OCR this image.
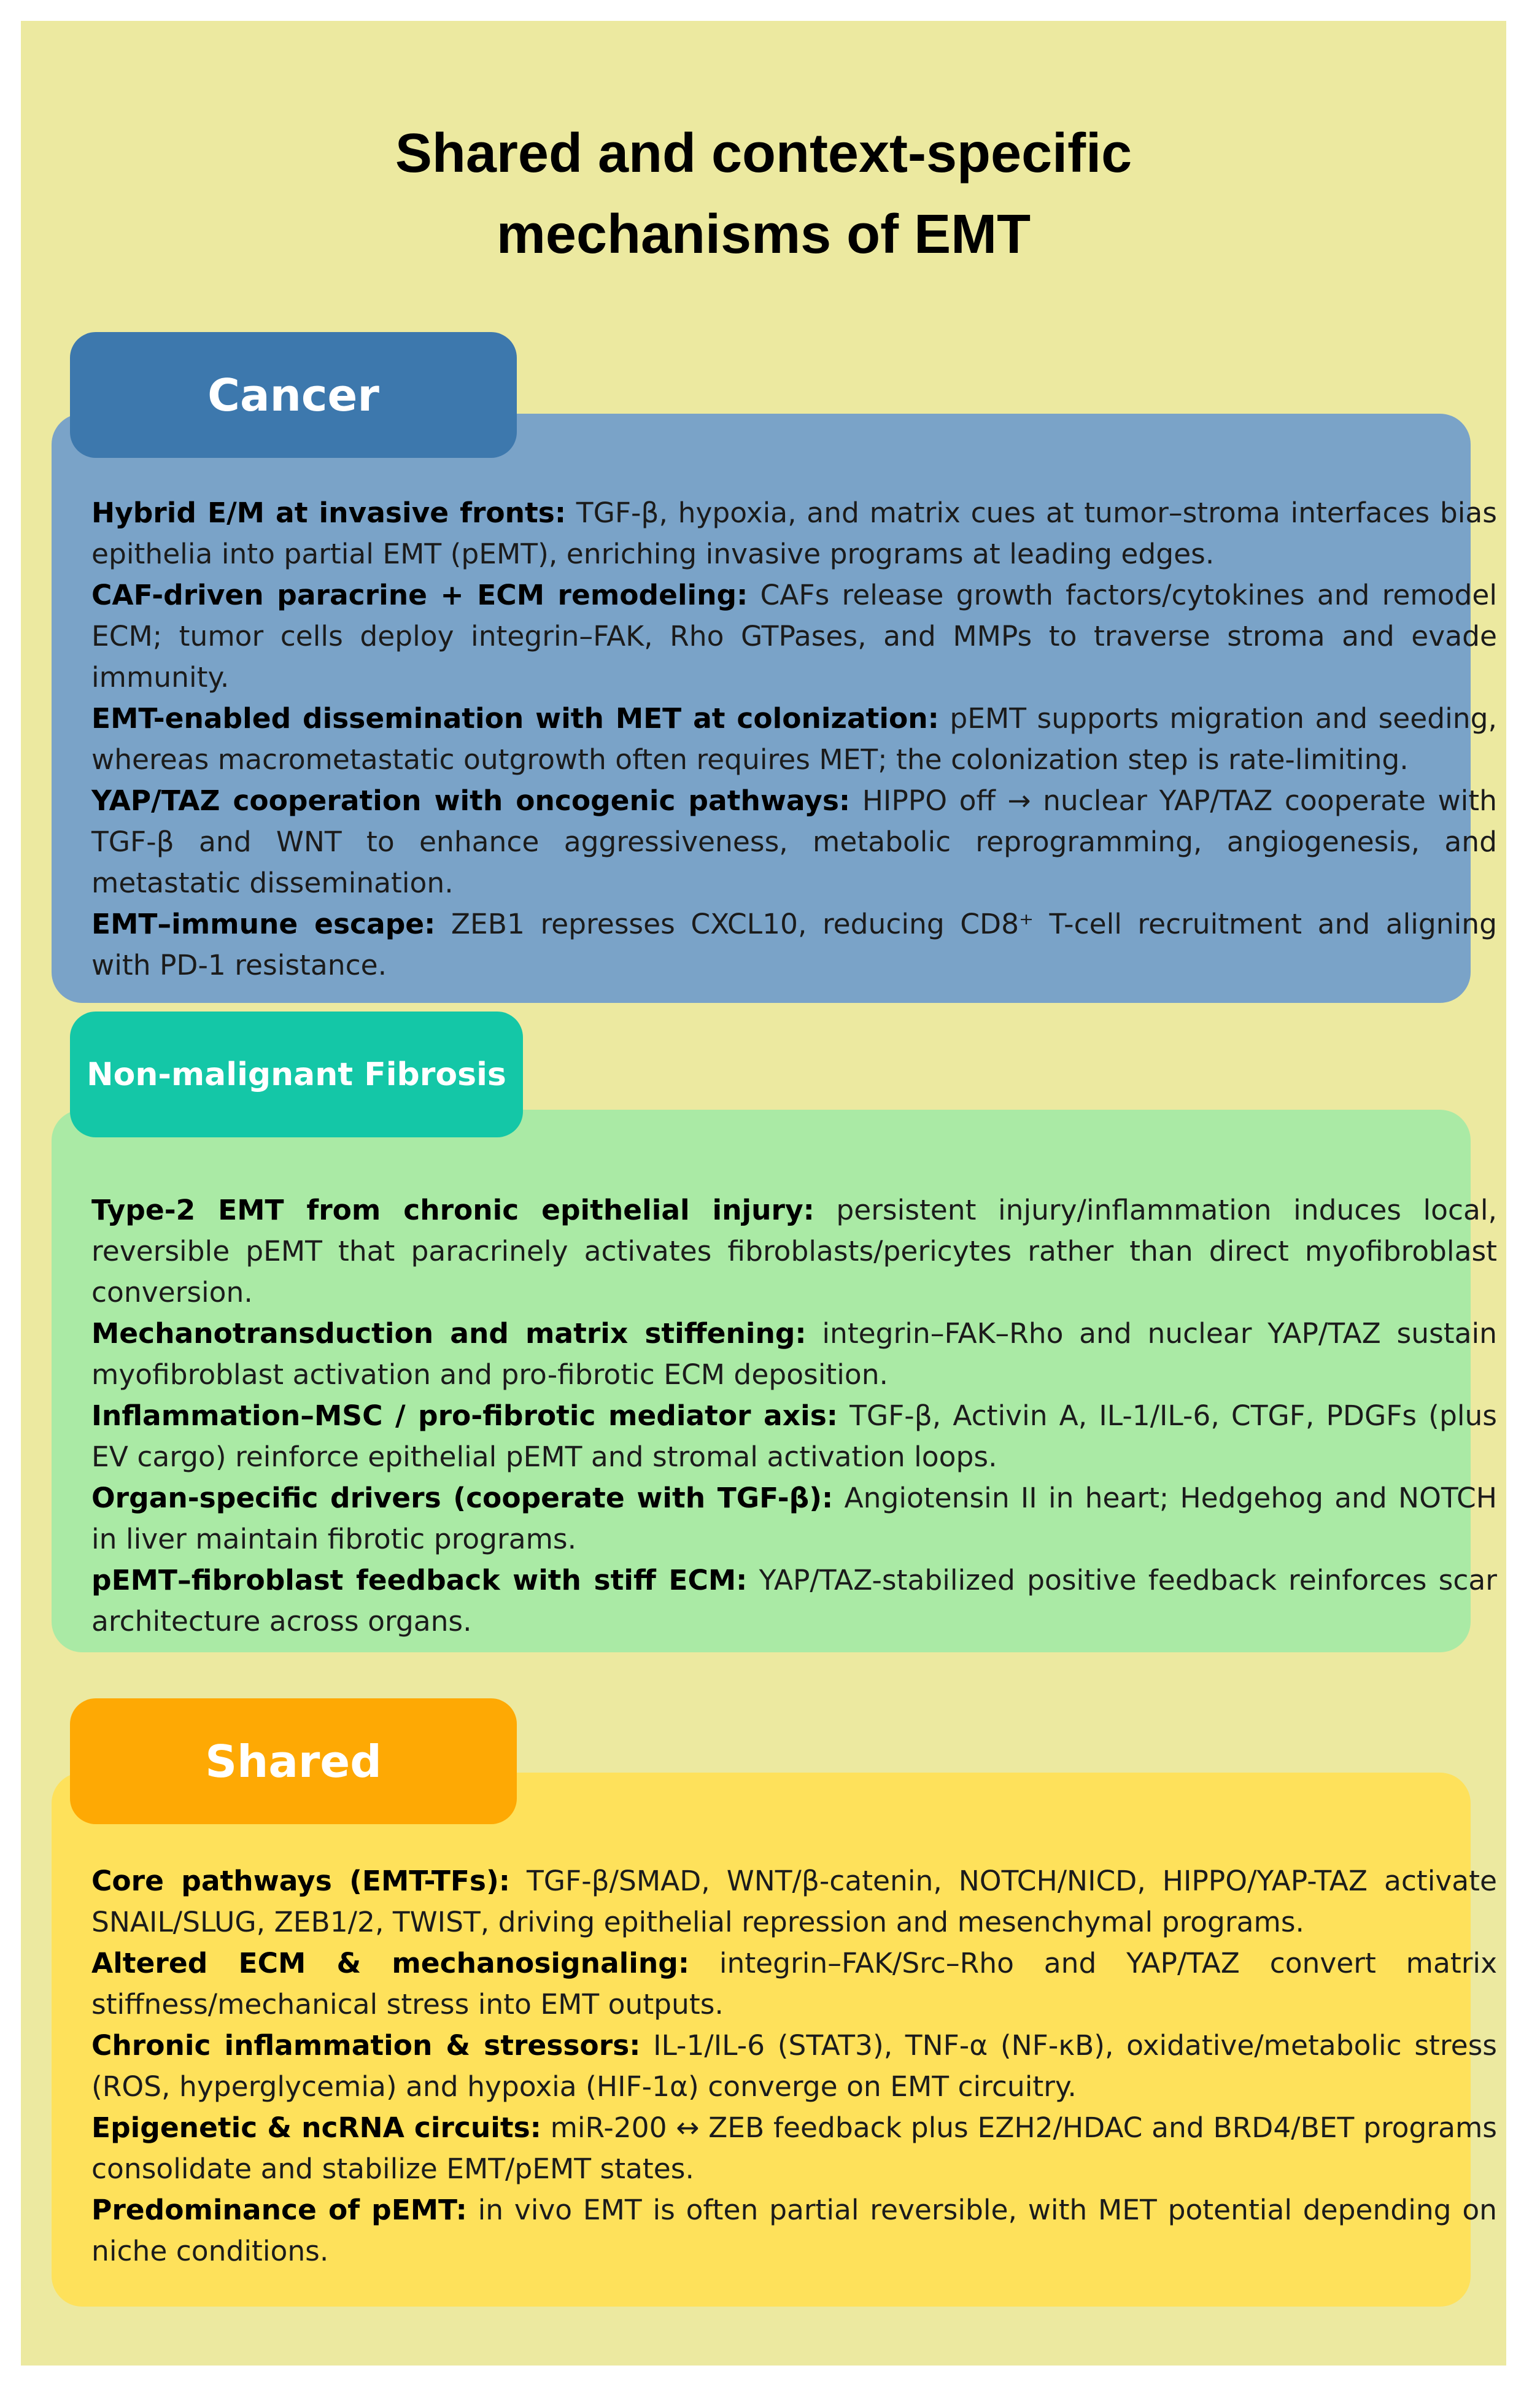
Shared and context-specific
mechanisms of EMT
Cancer

Hybrid E/M at invasive fronts: TGF-β, hypoxia, and matrix cues at tumor–stroma interfaces bias epithelia into partial EMT (pEMT), enriching invasive programs at leading edges.

CAF-driven paracrine + ECM remodeling: CAFs release growth factors/cytokines and remodel ECM; tumor cells deploy integrin–FAK, Rho GTPases, and MMPs to traverse stroma and evade immunity.

EMT-enabled dissemination with MET at colonization: pEMT supports migration and seeding, whereas macrometastatic outgrowth often requires MET; the colonization step is rate-limiting.

YAP/TAZ cooperation with oncogenic pathways: HIPPO off → nuclear YAP/TAZ cooperate with TGF-β and WNT to enhance aggressiveness, metabolic reprogramming, angiogenesis, and metastatic dissemination.

EMT–immune escape: ZEB1 represses CXCL10, reducing CD8⁺ T-cell recruitment and aligning with PD-1 resistance.

Non-malignant Fibrosis

Type-2 EMT from chronic epithelial injury: persistent injury/inflammation induces local, reversible pEMT that paracrinely activates fibroblasts/pericytes rather than direct myofibroblast conversion.

Mechanotransduction and matrix stiffening: integrin–FAK–Rho and nuclear YAP/TAZ sustain myofibroblast activation and pro-fibrotic ECM deposition.

Inflammation–MSC / pro-fibrotic mediator axis: TGF-β, Activin A, IL-1/IL-6, CTGF, PDGFs (plus EV cargo) reinforce epithelial pEMT and stromal activation loops.

Organ-specific drivers (cooperate with TGF-β): Angiotensin II in heart; Hedgehog and NOTCH in liver maintain fibrotic programs.

pEMT–fibroblast feedback with stiff ECM: YAP/TAZ-stabilized positive feedback reinforces scar architecture across organs.

Shared

Core pathways (EMT-TFs): TGF-β/SMAD, WNT/β-catenin, NOTCH/NICD, HIPPO/YAP-TAZ activate SNAIL/SLUG, ZEB1/2, TWIST, driving epithelial repression and mesenchymal programs.

Altered ECM & mechanosignaling: integrin–FAK/Src–Rho and YAP/TAZ convert matrix stiffness/mechanical stress into EMT outputs.

Chronic inflammation & stressors: IL-1/IL-6 (STAT3), TNF-α (NF-κB), oxidative/metabolic stress (ROS, hyperglycemia) and hypoxia (HIF-1α) converge on EMT circuitry.

Epigenetic & ncRNA circuits: miR-200 ↔ ZEB feedback plus EZH2/HDAC and BRD4/BET programs consolidate and stabilize EMT/pEMT states.

Predominance of pEMT: in vivo EMT is often partial reversible, with MET potential depending on niche conditions.
